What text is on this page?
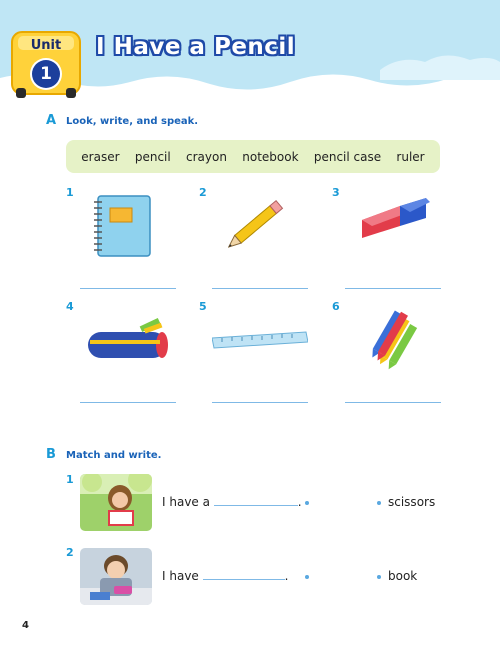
Unit
1
I Have a Pencil
A Look, write, and speak.
eraser pencil crayon notebook pencil case ruler
1	2	3
4	5	6
B Match and write.
1
I have a	.	scissors
2
I have	.	book
4
